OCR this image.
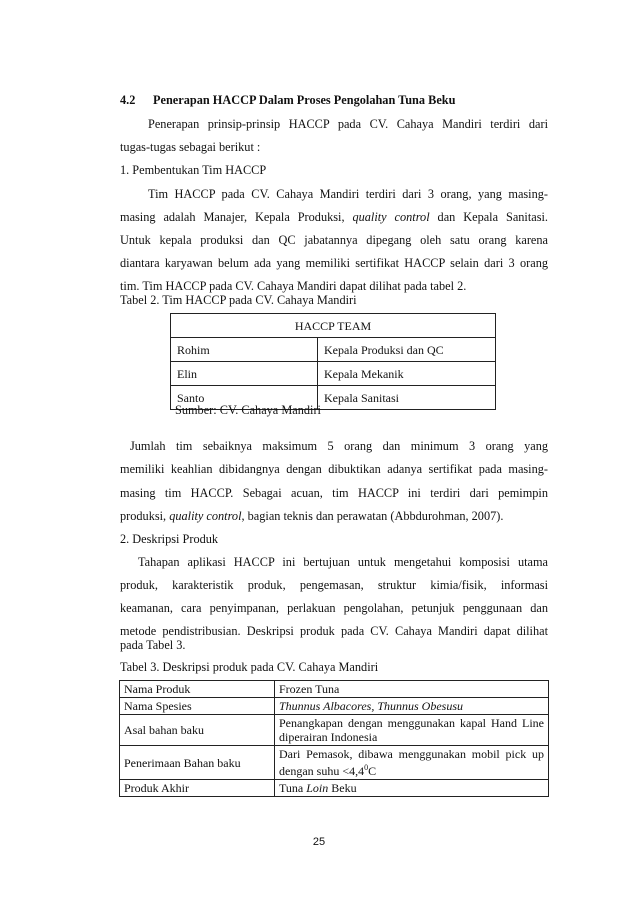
4.2 Penerapan HACCP Dalam Proses Pengolahan Tuna Beku
Penerapan prinsip-prinsip HACCP pada CV. Cahaya Mandiri terdiri dari
tugas-tugas sebagai berikut :
1. Pembentukan Tim HACCP
Tim HACCP pada CV. Cahaya Mandiri terdiri dari 3 orang, yang masing-
masing adalah Manajer, Kepala Produksi, quality control dan Kepala Sanitasi.
Untuk kepala produksi dan QC jabatannya dipegang oleh satu orang karena
diantara karyawan belum ada yang memiliki sertifikat HACCP selain dari 3 orang
tim. Tim HACCP pada CV. Cahaya Mandiri dapat dilihat pada tabel 2.
Tabel 2. Tim HACCP pada CV. Cahaya Mandiri
HACCP TEAM	
Rohim	Kepala Produksi dan QC
Elin	Kepala Mekanik
Santo	Kepala Sanitasi
Sumber: CV. Cahaya Mandiri
Jumlah tim sebaiknya maksimum 5 orang dan minimum 3 orang yang
memiliki keahlian dibidangnya dengan dibuktikan adanya sertifikat pada masing-
masing tim HACCP. Sebagai acuan, tim HACCP ini terdiri dari pemimpin
produksi, quality control, bagian teknis dan perawatan (Abbdurohman, 2007).
2. Deskripsi Produk
Tahapan aplikasi HACCP ini bertujuan untuk mengetahui komposisi utama
produk, karakteristik produk, pengemasan, struktur kimia/fisik, informasi
keamanan, cara penyimpanan, perlakuan pengolahan, petunjuk penggunaan dan
metode pendistribusian. Deskripsi produk pada CV. Cahaya Mandiri dapat dilihat
pada Tabel 3.
Tabel 3. Deskripsi produk pada CV. Cahaya Mandiri
Nama Produk	Frozen Tuna
Nama Spesies	Thunnus Albacores, Thunnus Obesusu
Asal bahan baku	Penangkapan dengan menggunakan kapal Hand Line diperairan Indonesia
Penerimaan Bahan baku	Dari Pemasok, dibawa menggunakan mobil pick up dengan suhu $<4,4^0C$
Produk Akhir	Tuna Loin Beku
25
